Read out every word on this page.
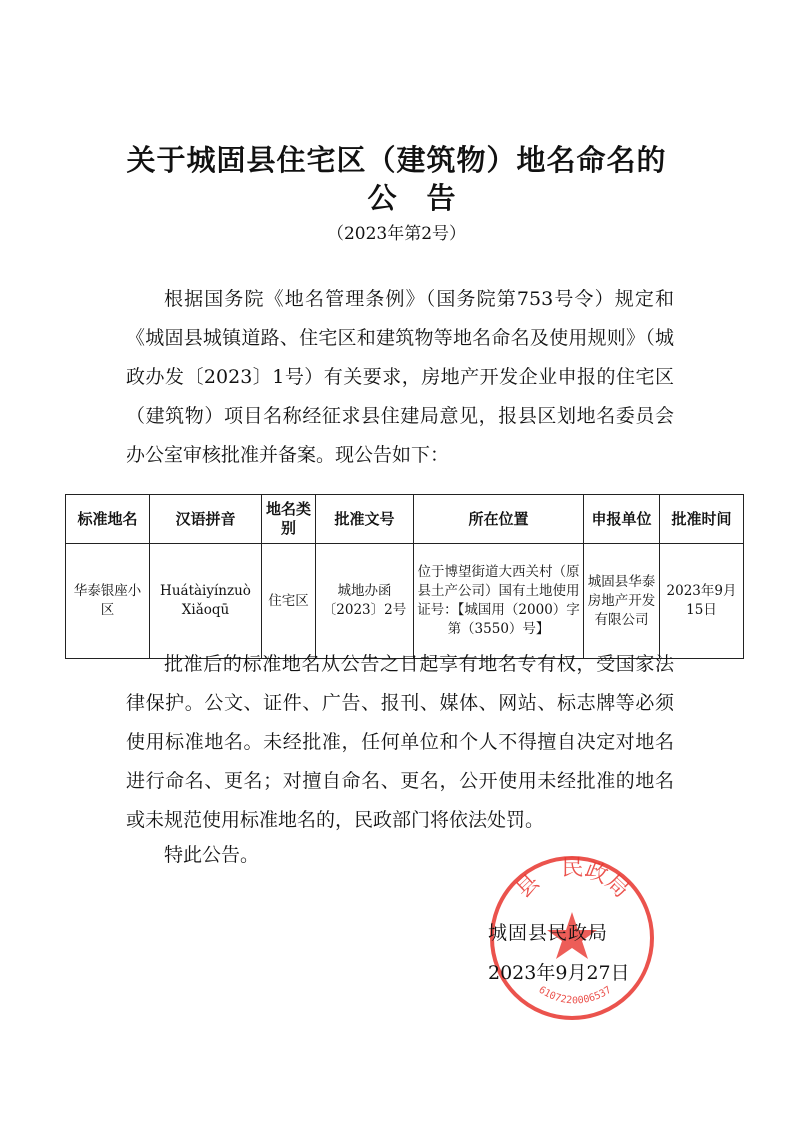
关于城固县住宅区（建筑物）地名命名的
公告
（2023年第2号）

根据国务院《地名管理条例》（国务院第753号令）规定和《城固县城镇道路、住宅区和建筑物等地名命名及使用规则》（城政办发〔2023〕1号）有关要求，房地产开发企业申报的住宅区（建筑物）项目名称经征求县住建局意见，报县区划地名委员会办公室审核批准并备案。现公告如下：

标准地名	汉语拼音	地名类别	批准文号	所在位置	申报单位	批准时间
华泰银座小区	Huátàiyínzuò Xiǎoqū	住宅区	城地办函〔2023〕2号	位于博望街道大西关村（原县土产公司）国有土地使用证号：【城国用（2000）字第（3550）号】	城固县华泰房地产开发有限公司	2023年9月15日

批准后的标准地名从公告之日起享有地名专有权，受国家法律保护。公文、证件、广告、报刊、媒体、网站、标志牌等必须使用标准地名。未经批准，任何单位和个人不得擅自决定对地名进行命名、更名；对擅自命名、更名，公开使用未经批准的地名或未规范使用标准地名的，民政部门将依法处罚。

特此公告。

县　民政局
6107220006537
城固县民政局
2023年9月27日
